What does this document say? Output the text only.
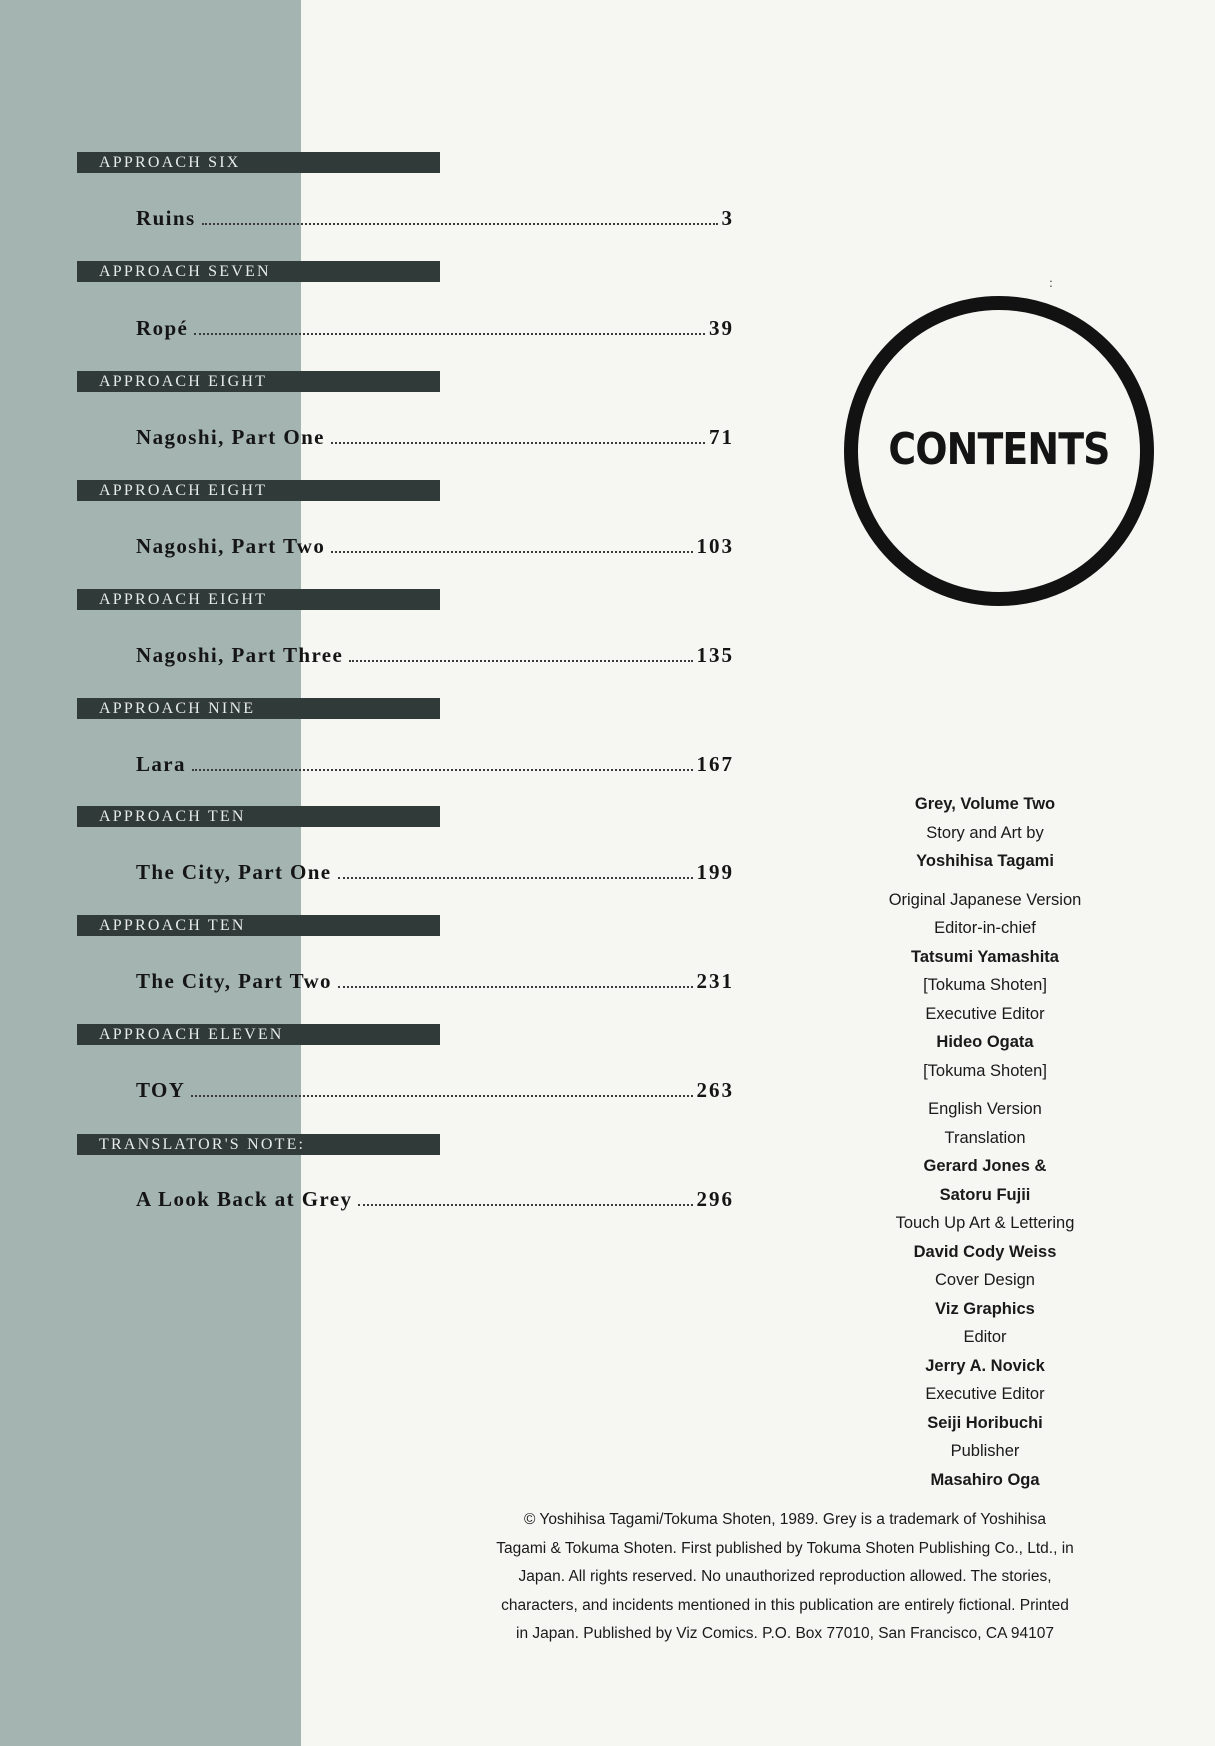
APPROACH SIX
Ruins	3
APPROACH SEVEN
Ropé	39
APPROACH EIGHT
Nagoshi, Part One	71
APPROACH EIGHT
Nagoshi, Part Two	103
APPROACH EIGHT
Nagoshi, Part Three	135
APPROACH NINE
Lara	167
APPROACH TEN
The City, Part One	199
APPROACH TEN
The City, Part Two	231
APPROACH ELEVEN
TOY	263
TRANSLATOR'S NOTE:
A Look Back at Grey	296
CONTENTS
:
Grey, Volume Two
Story and Art by
Yoshihisa Tagami
Original Japanese Version
Editor-in-chief
Tatsumi Yamashita
[Tokuma Shoten]
Executive Editor
Hideo Ogata
[Tokuma Shoten]
English Version
Translation
Gerard Jones &
Satoru Fujii
Touch Up Art & Lettering
David Cody Weiss
Cover Design
Viz Graphics
Editor
Jerry A. Novick
Executive Editor
Seiji Horibuchi
Publisher
Masahiro Oga
© Yoshihisa Tagami/Tokuma Shoten, 1989. Grey is a trademark of Yoshihisa
Tagami & Tokuma Shoten. First published by Tokuma Shoten Publishing Co., Ltd., in
Japan. All rights reserved. No unauthorized reproduction allowed. The stories,
characters, and incidents mentioned in this publication are entirely fictional. Printed
in Japan. Published by Viz Comics. P.O. Box 77010, San Francisco, CA 94107
